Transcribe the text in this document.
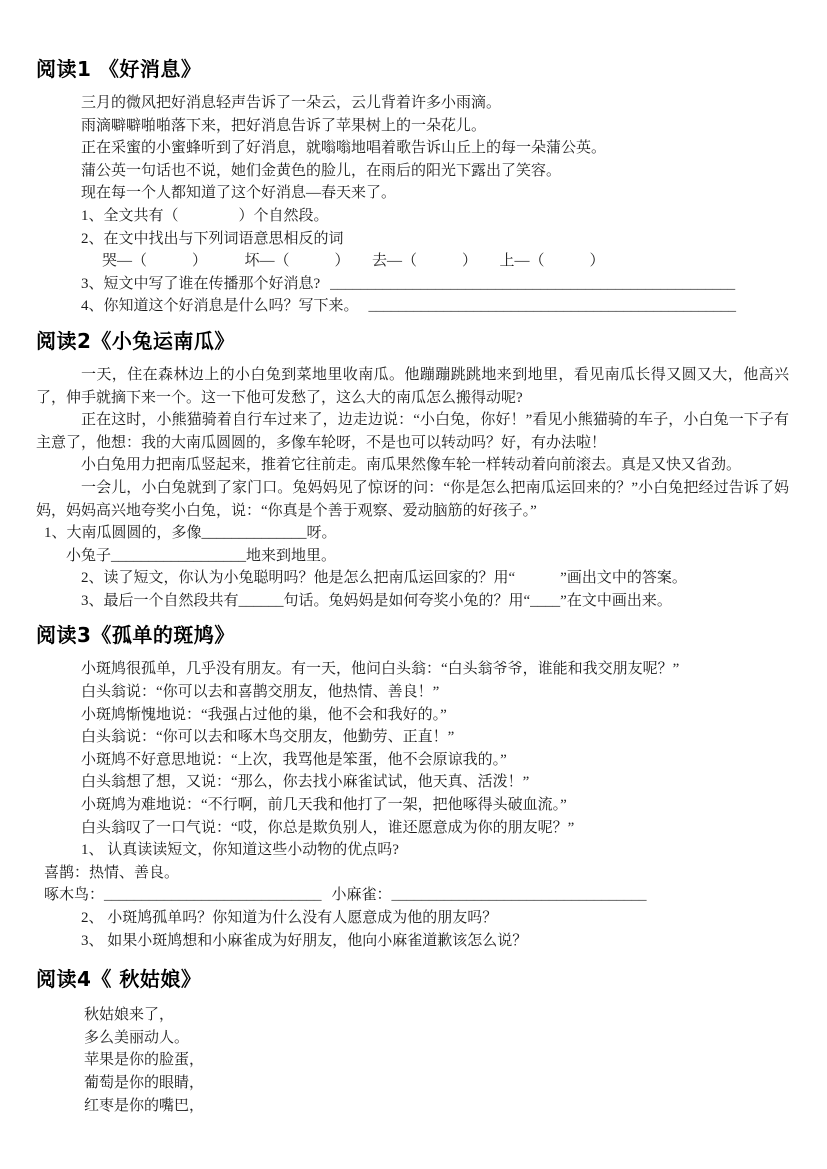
阅读1 《好消息》

三月的微风把好消息轻声告诉了一朵云，云儿背着许多小雨滴。

雨滴噼噼啪啪落下来，把好消息告诉了苹果树上的一朵花儿。

正在采蜜的小蜜蜂听到了好消息，就嗡嗡地唱着歌告诉山丘上的每一朵蒲公英。

蒲公英一句话也不说，她们金黄色的脸儿，在雨后的阳光下露出了笑容。

现在每一个人都知道了这个好消息—春天来了。

1、全文共有（　　　　）个自然段。

2、在文中找出与下列词语意思相反的词

哭—（　　　）　　　坏—（　　　）　　去—（　　　）　　上—（　　　）

3、短文中写了谁在传播那个好消息? ______________________________________________________

4、你知道这个好消息是什么吗？写下来。 _________________________________________________

阅读2《小兔运南瓜》

一天，住在森林边上的小白兔到菜地里收南瓜。他蹦蹦跳跳地来到地里，看见南瓜长得又圆又大，他高兴了，伸手就摘下来一个。这一下他可发愁了，这么大的南瓜怎么搬得动呢?

正在这时，小熊猫骑着自行车过来了，边走边说：“小白兔，你好！”看见小熊猫骑的车子，小白兔一下子有主意了，他想：我的大南瓜圆圆的，多像车轮呀，不是也可以转动吗？好，有办法啦！

小白兔用力把南瓜竖起来，推着它往前走。南瓜果然像车轮一样转动着向前滚去。真是又快又省劲。

一会儿，小白兔就到了家门口。兔妈妈见了惊讶的问：“你是怎么把南瓜运回来的？”小白兔把经过告诉了妈妈，妈妈高兴地夸奖小白兔，说：“你真是个善于观察、爱动脑筋的好孩子。”

1、大南瓜圆圆的，多像______________呀。

小兔子__________________地来到地里。

2、读了短文，你认为小兔聪明吗？他是怎么把南瓜运回家的？用“　　　”画出文中的答案。

3、最后一个自然段共有______句话。兔妈妈是如何夸奖小兔的？用“____”在文中画出来。

阅读3《孤单的斑鸠》

小斑鸠很孤单，几乎没有朋友。有一天，他问白头翁：“白头翁爷爷，谁能和我交朋友呢？”

白头翁说：“你可以去和喜鹊交朋友，他热情、善良！”

小斑鸠惭愧地说：“我强占过他的巢，他不会和我好的。”

白头翁说：“你可以去和啄木鸟交朋友，他勤劳、正直！”

小斑鸠不好意思地说：“上次，我骂他是笨蛋，他不会原谅我的。”

白头翁想了想，又说：“那么，你去找小麻雀试试，他天真、活泼！”

小斑鸠为难地说：“不行啊，前几天我和他打了一架，把他啄得头破血流。”

白头翁叹了一口气说：“哎，你总是欺负别人，谁还愿意成为你的朋友呢？”

1、 认真读读短文，你知道这些小动物的优点吗?

喜鹊：热情、善良。

啄木鸟：_____________________________ 小麻雀：__________________________________

2、 小斑鸠孤单吗？你知道为什么没有人愿意成为他的朋友吗？

3、 如果小斑鸠想和小麻雀成为好朋友，他向小麻雀道歉该怎么说？

阅读4《 秋姑娘》

秋姑娘来了，

多么美丽动人。

苹果是你的脸蛋，

葡萄是你的眼睛，

红枣是你的嘴巴，
